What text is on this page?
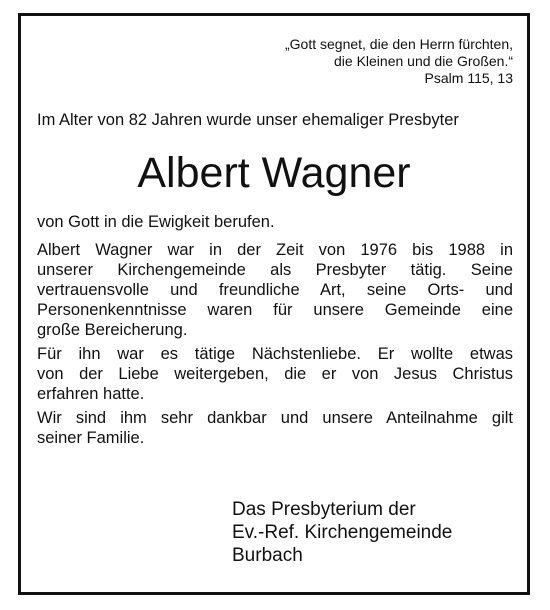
„Gott segnet, die den Herrn fürchten,
die Kleinen und die Großen.“
Psalm 115, 13
Im Alter von 82 Jahren wurde unser ehemaliger Presbyter
Albert Wagner
von Gott in die Ewigkeit berufen.

Albert Wagner war in der Zeit von 1976 bis 1988 in
unserer Kirchengemeinde als Presbyter tätig. Seine
vertrauensvolle und freundliche Art, seine Orts- und
Personenkenntnisse waren für unsere Gemeinde eine
große Bereicherung.

Für ihn war es tätige Nächstenliebe. Er wollte etwas
von der Liebe weitergeben, die er von Jesus Christus
erfahren hatte.

Wir sind ihm sehr dankbar und unsere Anteilnahme gilt
seiner Familie.

Das Presbyterium der
Ev.-Ref. Kirchengemeinde
Burbach
